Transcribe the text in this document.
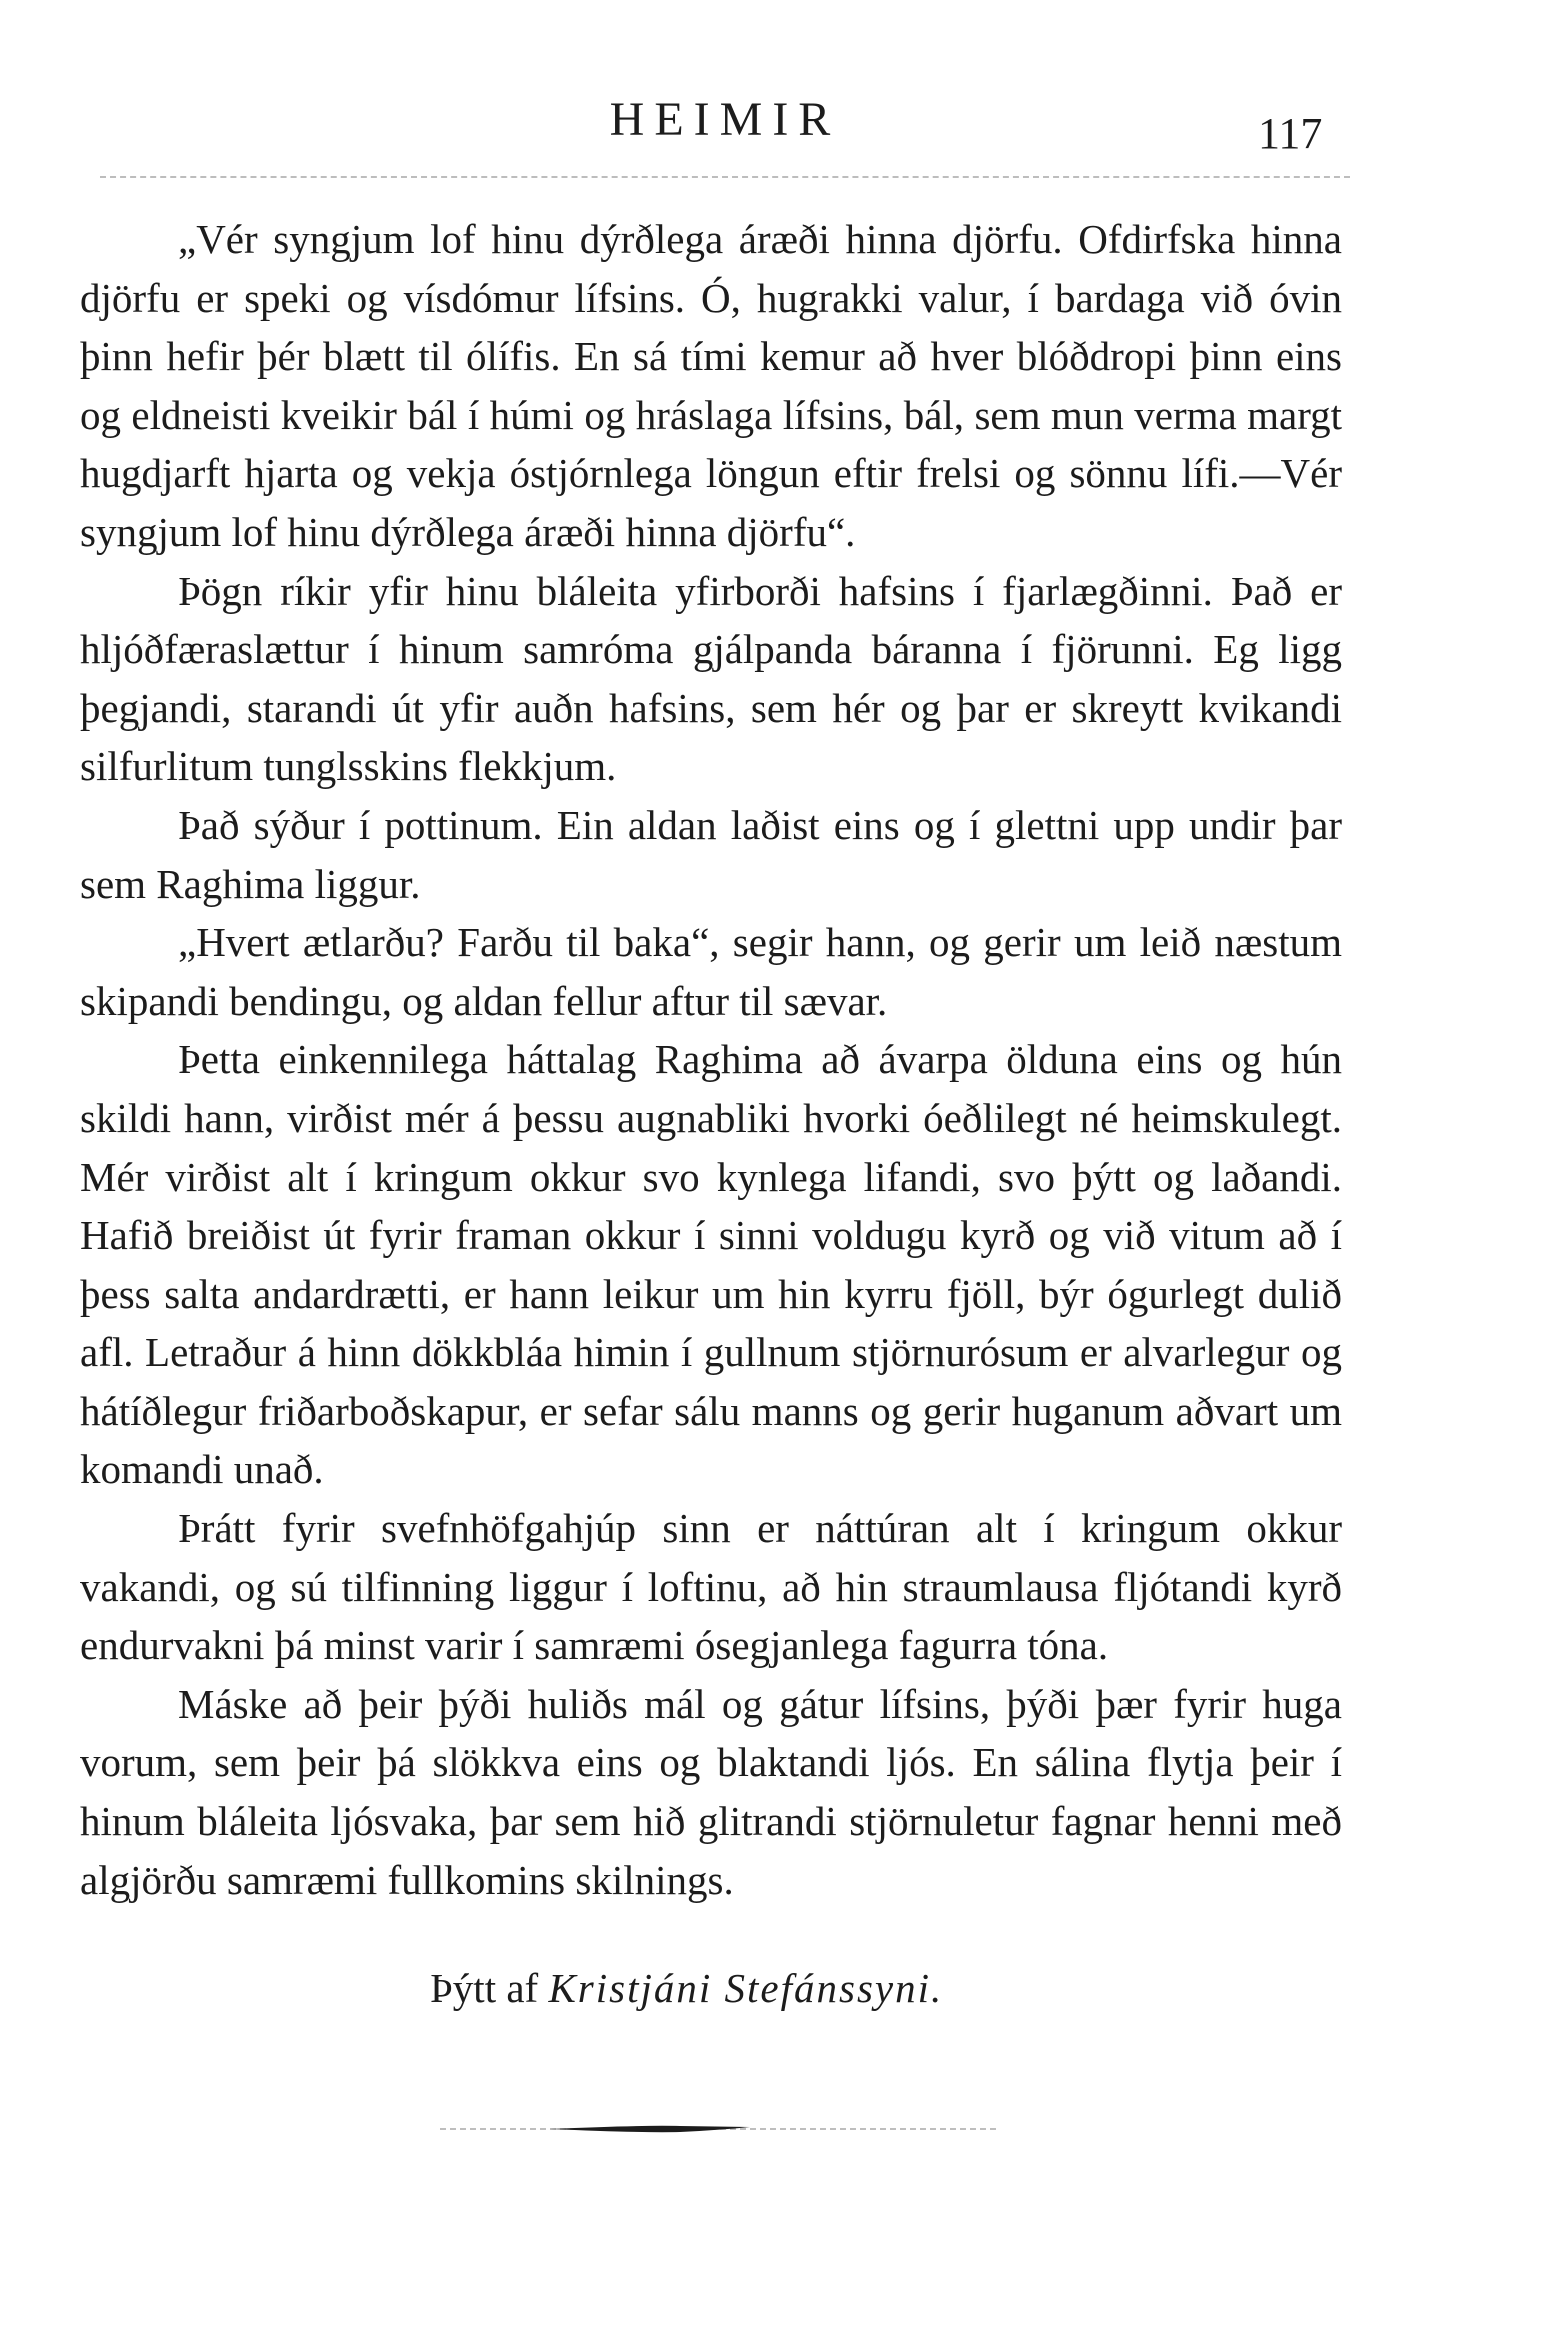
HEIMIR	117

„Vér syngjum lof hinu dýrðlega áræði hinna djörfu. Ofdirfska hinna djörfu er speki og vísdómur lífsins. Ó, hugrakki valur, í bardaga við óvin þinn hefir þér blætt til ólífis. En sá tími kemur að hver blóðdropi þinn eins og eldneisti kveikir bál í húmi og hráslaga lífsins, bál, sem mun verma margt hugdjarft hjarta og vekja óstjórnlega löngun eftir frelsi og sönnu lífi.—Vér syngjum lof hinu dýrðlega áræði hinna djörfu“.

Þögn ríkir yfir hinu bláleita yfirborði hafsins í fjarlægðinni. Það er hljóðfæraslættur í hinum samróma gjálpanda báranna í fjörunni. Eg ligg þegjandi, starandi út yfir auðn hafsins, sem hér og þar er skreytt kvikandi silfurlitum tunglsskins flekkjum.

Það sýður í pottinum. Ein aldan laðist eins og í glettni upp undir þar sem Raghima liggur.

„Hvert ætlarðu? Farðu til baka“, segir hann, og gerir um leið næstum skipandi bendingu, og aldan fellur aftur til sævar.

Þetta einkennilega háttalag Raghima að ávarpa ölduna eins og hún skildi hann, virðist mér á þessu augnabliki hvorki óeðlilegt né heimskulegt. Mér virðist alt í kringum okkur svo kynlega lifandi, svo þýtt og laðandi. Hafið breiðist út fyrir framan okkur í sinni voldugu kyrð og við vitum að í þess salta andardrætti, er hann leikur um hin kyrru fjöll, býr ógurlegt dulið afl. Letraður á hinn dökkbláa himin í gullnum stjörnurósum er alvarlegur og hátíðlegur friðarboðskapur, er sefar sálu manns og gerir huganum aðvart um komandi unað.

Þrátt fyrir svefnhöfgahjúp sinn er náttúran alt í kringum okkur vakandi, og sú tilfinning liggur í loftinu, að hin straumlausa fljótandi kyrð endurvakni þá minst varir í samræmi ósegjanlega fagurra tóna.

Máske að þeir þýði huliðs mál og gátur lífsins, þýði þær fyrir huga vorum, sem þeir þá slökkva eins og blaktandi ljós. En sálina flytja þeir í hinum bláleita ljósvaka, þar sem hið glitrandi stjörnuletur fagnar henni með algjörðu samræmi fullkomins skilnings.

Þýtt af Kristjáni Stefánssyni.
